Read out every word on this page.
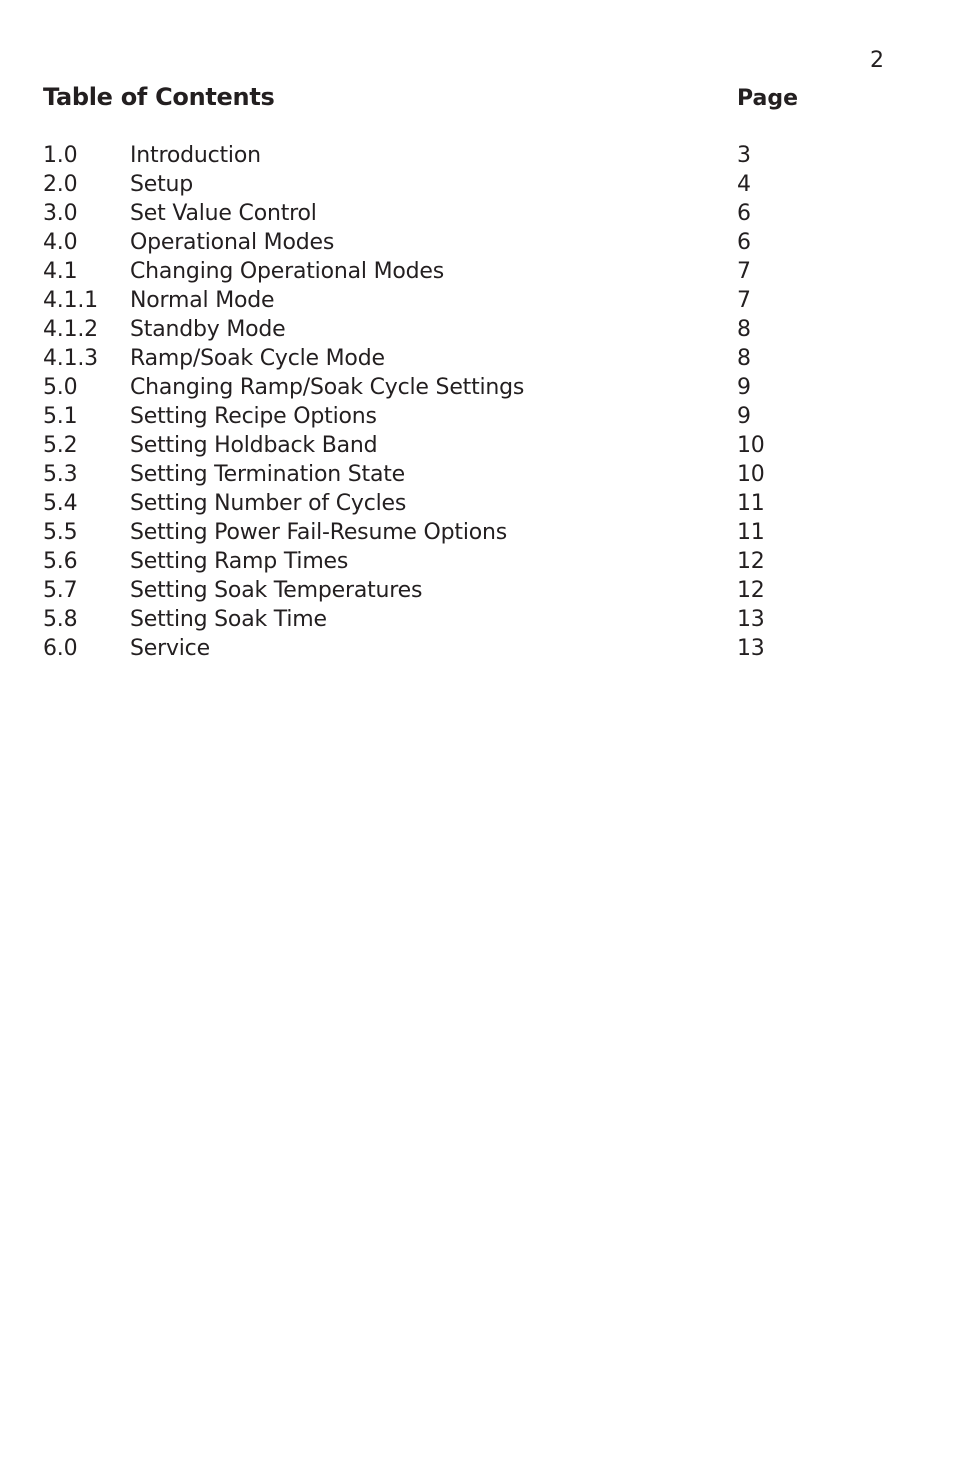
2
Table of Contents	Page
1.0 Introduction	3
2.0 Setup	4
3.0 Set Value Control	6
4.0 Operational Modes	6
4.1 Changing Operational Modes	7
4.1.1 Normal Mode	7
4.1.2 Standby Mode	8
4.1.3 Ramp/Soak Cycle Mode	8
5.0 Changing Ramp/Soak Cycle Settings	9
5.1 Setting Recipe Options	9
5.2 Setting Holdback Band	10
5.3 Setting Termination State	10
5.4 Setting Number of Cycles	11
5.5 Setting Power Fail-Resume Options	11
5.6 Setting Ramp Times	12
5.7 Setting Soak Temperatures	12
5.8 Setting Soak Time	13
6.0 Service	13
